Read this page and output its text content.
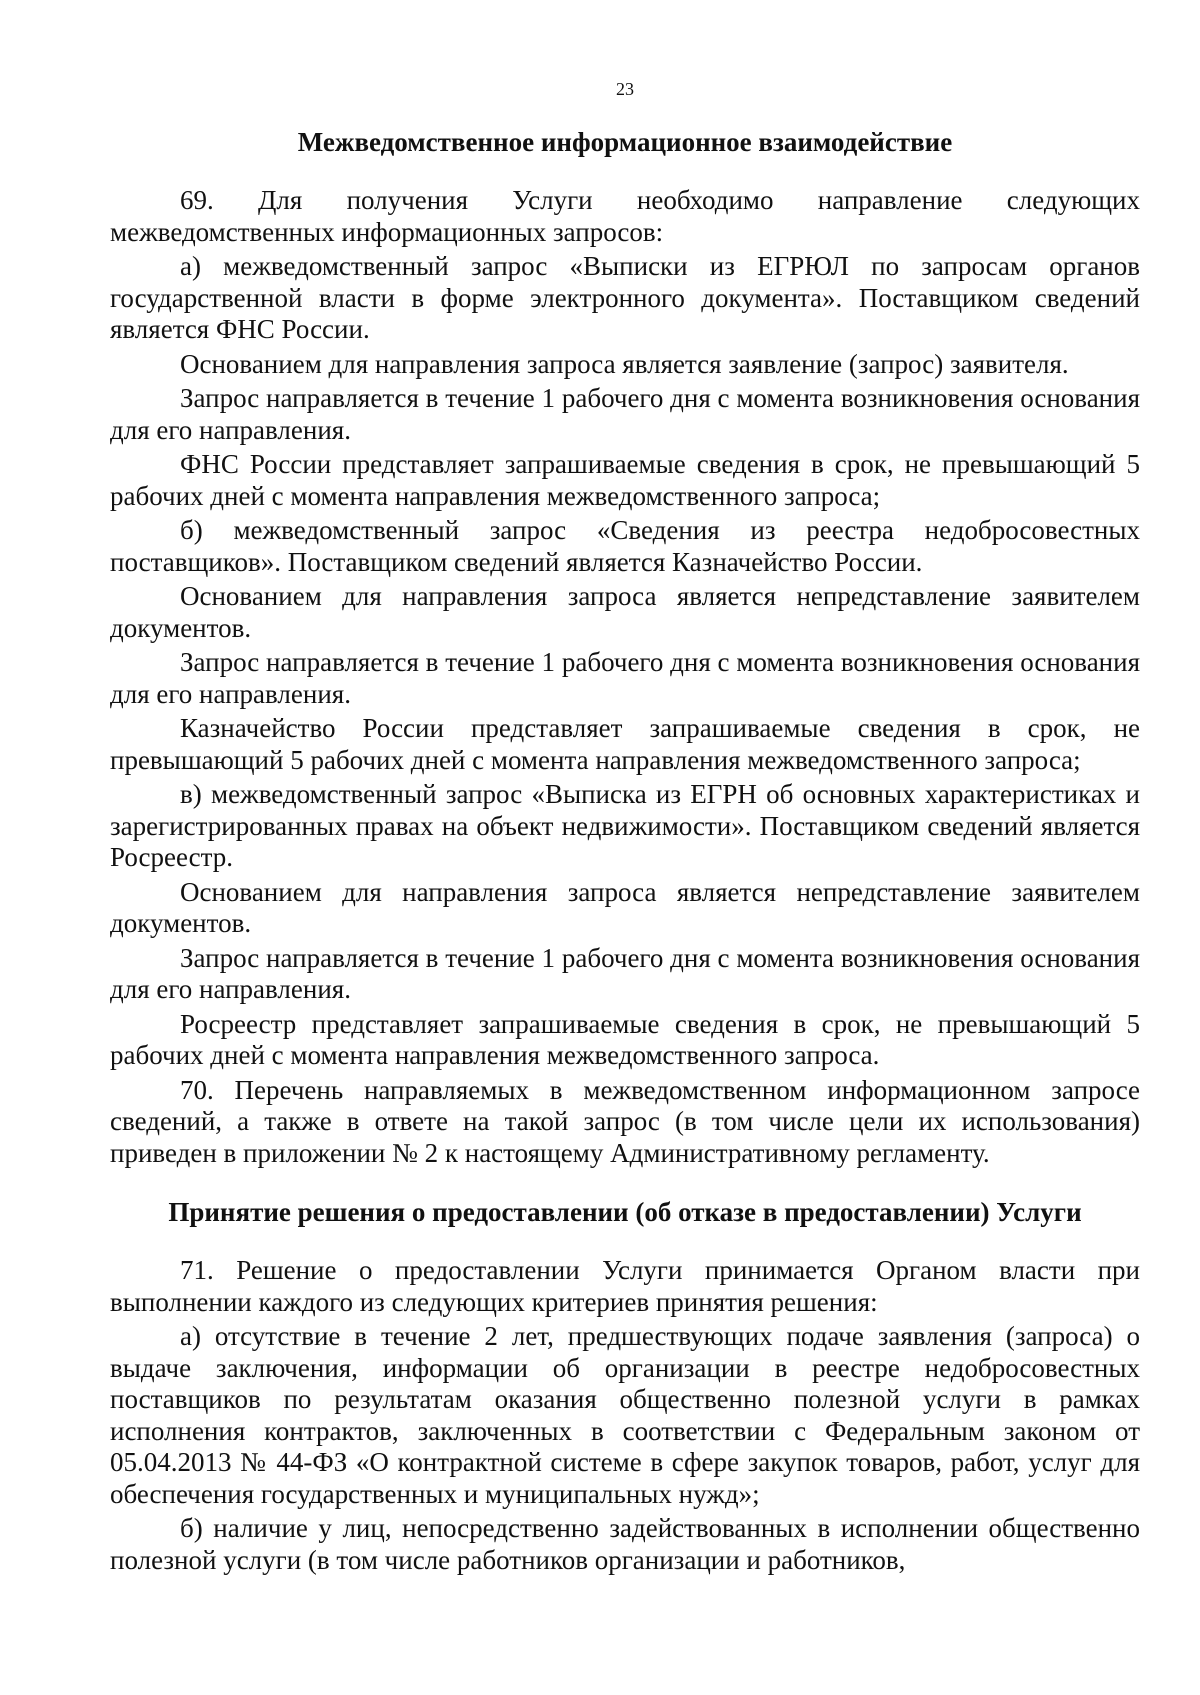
23
Межведомственное информационное взаимодействие

69. Для получения Услуги необходимо направление следующих межведомственных информационных запросов:

а) межведомственный запрос «Выписки из ЕГРЮЛ по запросам органов государственной власти в форме электронного документа». Поставщиком сведений является ФНС России.

Основанием для направления запроса является заявление (запрос) заявителя.

Запрос направляется в течение 1 рабочего дня с момента возникновения основания для его направления.

ФНС России представляет запрашиваемые сведения в срок, не превышающий 5 рабочих дней с момента направления межведомственного запроса;

б) межведомственный запрос «Сведения из реестра недобросовестных поставщиков». Поставщиком сведений является Казначейство России.

Основанием для направления запроса является непредставление заявителем документов.

Запрос направляется в течение 1 рабочего дня с момента возникновения основания для его направления.

Казначейство России представляет запрашиваемые сведения в срок, не превышающий 5 рабочих дней с момента направления межведомственного запроса;

в) межведомственный запрос «Выписка из ЕГРН об основных характеристиках и зарегистрированных правах на объект недвижимости». Поставщиком сведений является Росреестр.

Основанием для направления запроса является непредставление заявителем документов.

Запрос направляется в течение 1 рабочего дня с момента возникновения основания для его направления.

Росреестр представляет запрашиваемые сведения в срок, не превышающий 5 рабочих дней с момента направления межведомственного запроса.

70. Перечень направляемых в межведомственном информационном запросе сведений, а также в ответе на такой запрос (в том числе цели их использования) приведен в приложении № 2 к настоящему Административному регламенту.

Принятие решения о предоставлении (об отказе в предоставлении) Услуги

71. Решение о предоставлении Услуги принимается Органом власти при выполнении каждого из следующих критериев принятия решения:

а) отсутствие в течение 2 лет, предшествующих подаче заявления (запроса) о выдаче заключения, информации об организации в реестре недобросовестных поставщиков по результатам оказания общественно полезной услуги в рамках исполнения контрактов, заключенных в соответствии с Федеральным законом от 05.04.2013 № 44-ФЗ «О контрактной системе в сфере закупок товаров, работ, услуг для обеспечения государственных и муниципальных нужд»;

б) наличие у лиц, непосредственно задействованных в исполнении общественно полезной услуги (в том числе работников организации и работников,
